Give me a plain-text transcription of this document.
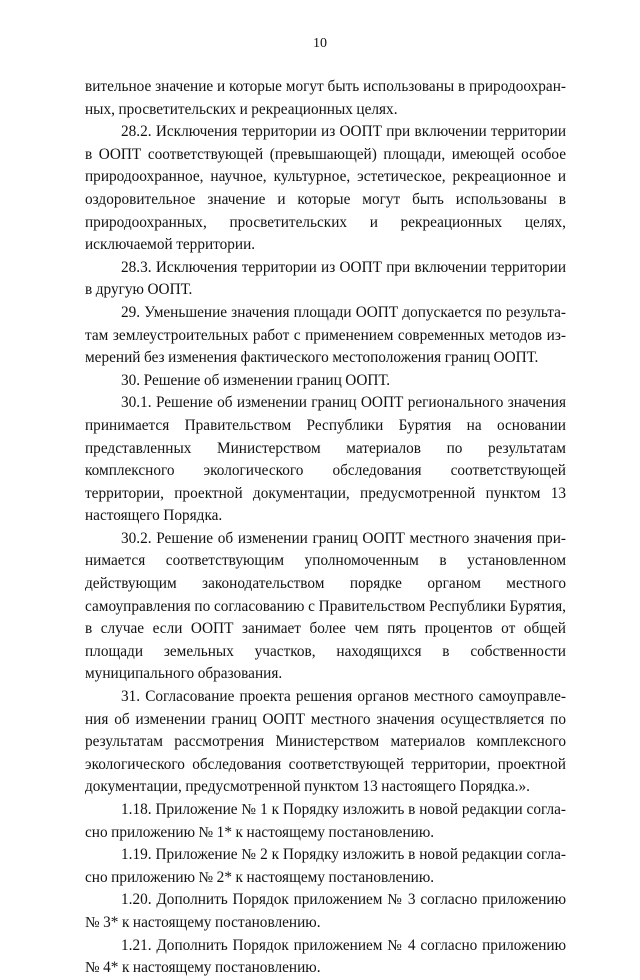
10

вительное значение и которые могут быть использованы в природоохранных, просветительских и рекреационных целях.

28.2. Исключения территории из ООПТ при включении территории в ООПТ соответствующей (превышающей) площади, имеющей особое природоохранное, научное, культурное, эстетическое, рекреационное и оздоровительное значение и которые могут быть использованы в природоохранных, просветительских и рекреационных целях, исключаемой территории.

28.3. Исключения территории из ООПТ при включении территории в другую ООПТ.

29. Уменьшение значения площади ООПТ допускается по результатам землеустроительных работ с применением современных методов измерений без изменения фактического местоположения границ ООПТ.

30. Решение об изменении границ ООПТ.

30.1. Решение об изменении границ ООПТ регионального значения принимается Правительством Республики Бурятия на основании представленных Министерством материалов по результатам комплексного экологического обследования соответствующей территории, проектной документации, предусмотренной пунктом 13 настоящего Порядка.

30.2. Решение об изменении границ ООПТ местного значения принимается соответствующим уполномоченным в установленном действующим законодательством порядке органом местного самоуправления по согласованию с Правительством Республики Бурятия, в случае если ООПТ занимает более чем пять процентов от общей площади земельных участков, находящихся в собственности муниципального образования.

31. Согласование проекта решения органов местного самоуправления об изменении границ ООПТ местного значения осуществляется по результатам рассмотрения Министерством материалов комплексного экологического обследования соответствующей территории, проектной документации, предусмотренной пунктом 13 настоящего Порядка.».

1.18. Приложение № 1 к Порядку изложить в новой редакции согласно приложению № 1* к настоящему постановлению.

1.19. Приложение № 2 к Порядку изложить в новой редакции согласно приложению № 2* к настоящему постановлению.

1.20. Дополнить Порядок приложением № 3 согласно приложению № 3* к настоящему постановлению.

1.21. Дополнить Порядок приложением № 4 согласно приложению № 4* к настоящему постановлению.
